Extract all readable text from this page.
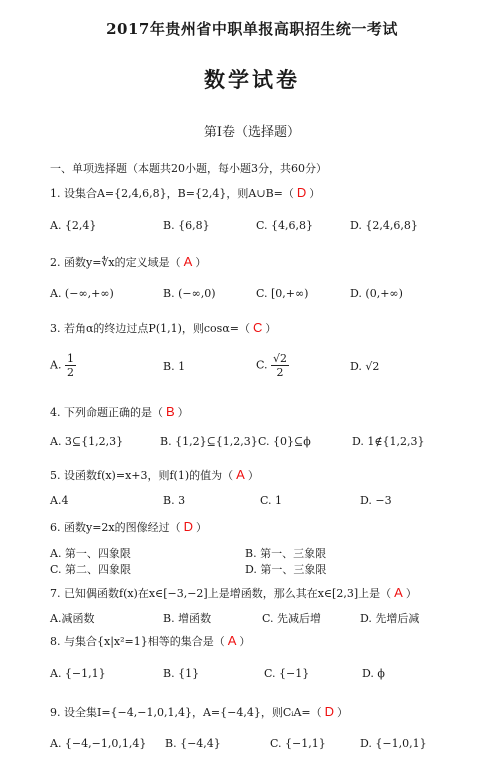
2017年贵州省中职单报高职招生统一考试
数学试卷
第Ⅰ卷（选择题）
一、单项选择题（本题共20小题，每小题3分，共60分）
1. 设集合A={2,4,6,8}，B={2,4}，则A∪B=（ D ）
A. {2,4}	B. {6,8}	C. {4,6,8}	D. {2,4,6,8}
2. 函数y=∜x的定义域是（ A ）
A. (−∞,+∞)	B. (−∞,0)	C. [0,+∞)	D. (0,+∞)
3. 若角α的终边过点P(1,1)，则cosα=（ C ）
A. $\frac{1}{2}$	B. 1	C. $\frac{√2}{2}$	D. √2
4. 下列命题正确的是（ B ）
A. 3⊆{1,2,3}	B. {1,2}⊆{1,2,3} C. {0}⊆ϕ	D. 1∉{1,2,3}
5. 设函数f(x)=x+3，则f(1)的值为（ A ）
A.4	B. 3	C. 1	D. −3
6. 函数y=2x的图像经过（ D ）
A. 第一、四象限	B. 第一、三象限
C. 第二、四象限	D. 第一、三象限
7. 已知偶函数f(x)在x∈[−3,−2]上是增函数，那么其在x∈[2,3]上是（ A ）
A.减函数	B. 增函数	C. 先减后增	D. 先增后减
8. 与集合{x|x²=1}相等的集合是（ A ）
A. {−1,1}	B. {1}	C. {−1}	D. ϕ
9. 设全集I={−4,−1,0,1,4}，A={−4,4}，则CᵢA=（ D ）
A. {−4,−1,0,1,4} B. {−4,4}	C. {−1,1}	D. {−1,0,1}
